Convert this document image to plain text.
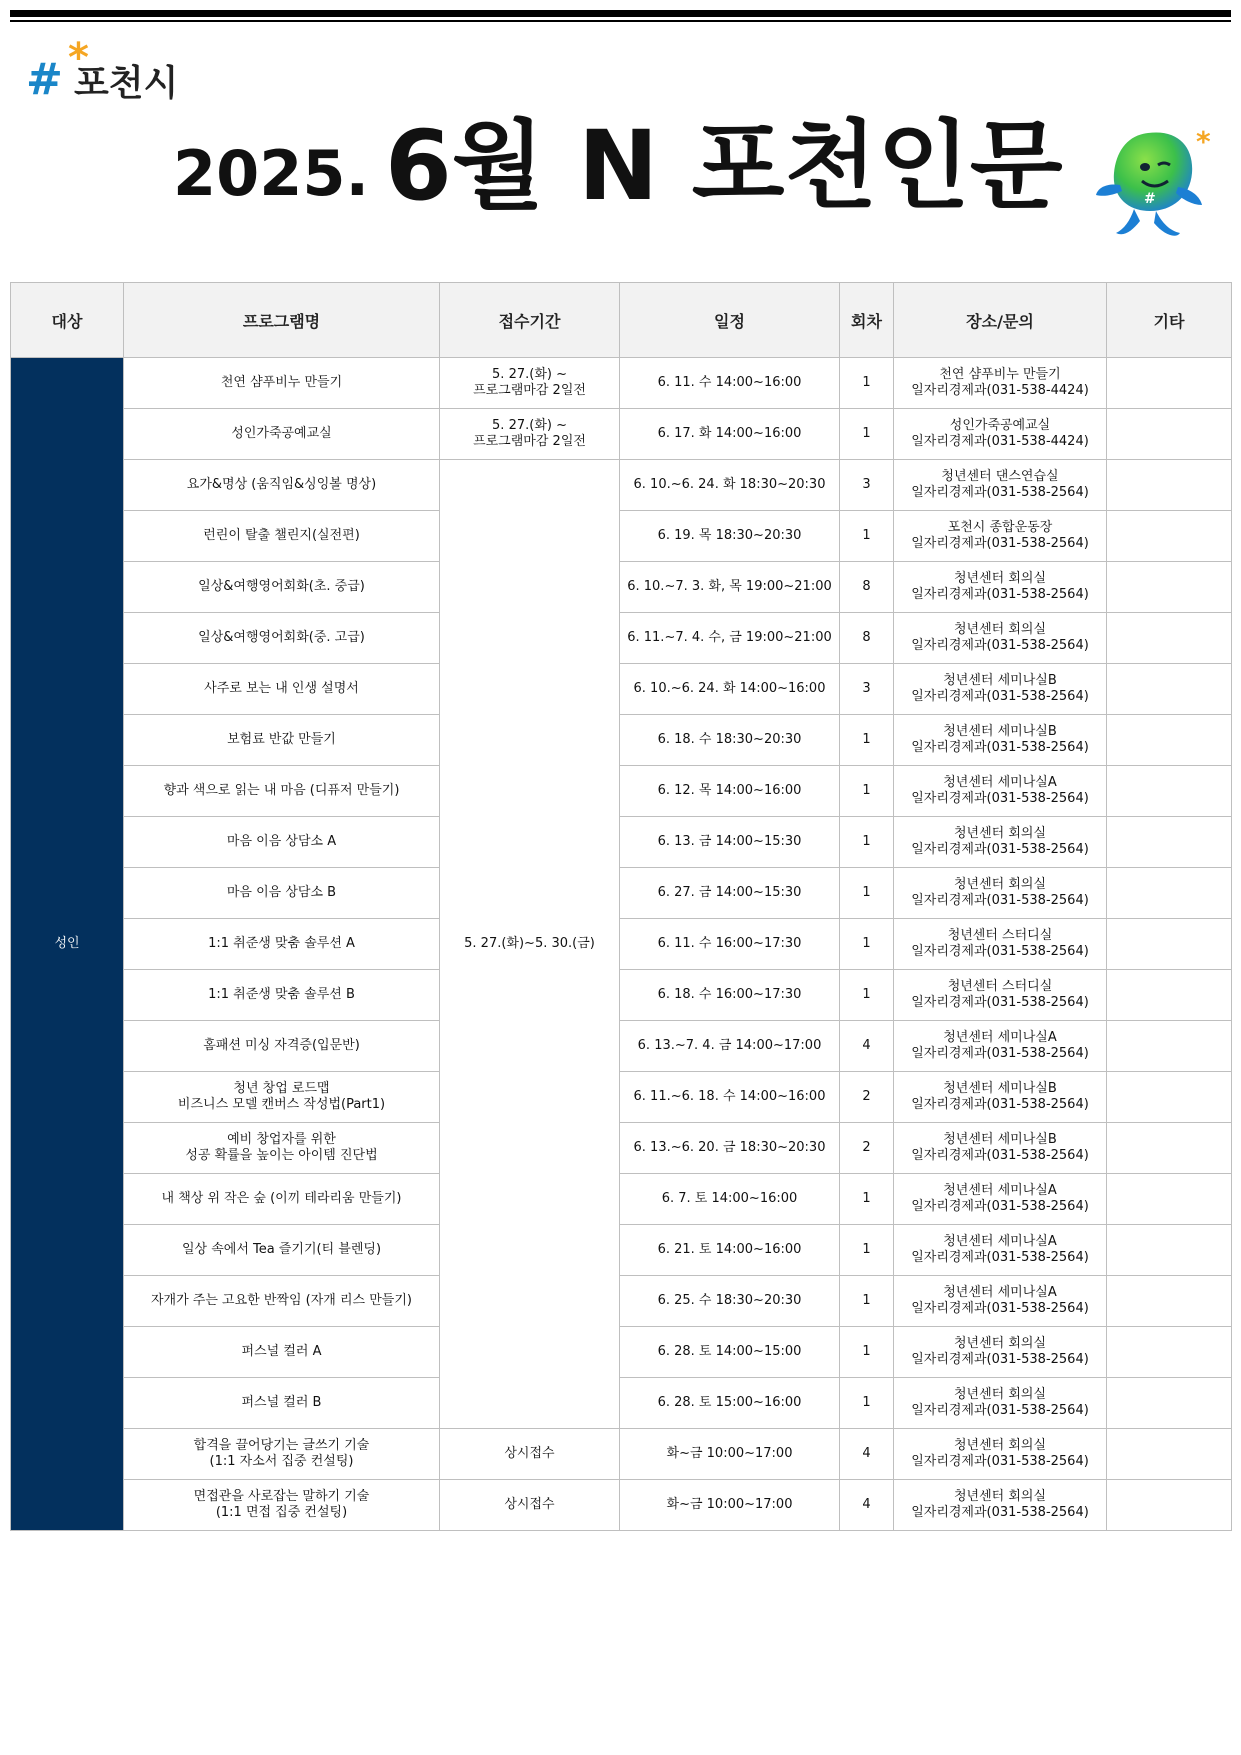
# *
포천시
2025. 6월 N 포천인문	#
*
대상	프로그램명	접수기간	일정	회차	장소/문의	기타
성인	천연 샴푸비누 만들기	5. 27.(화) ~
프로그램마감 2일전	6. 11. 수 14:00~16:00	1	천연 샴푸비누 만들기
일자리경제과(031-538-4424)	

	성인가죽공예교실	5. 27.(화) ~
프로그램마감 2일전	6. 17. 화 14:00~16:00	1	성인가죽공예교실
일자리경제과(031-538-4424)	

	요가&명상 (움직임&싱잉볼 명상)	5. 27.(화)~5. 30.(금)	6. 10.~6. 24. 화 18:30~20:30	3	청년센터 댄스연습실
일자리경제과(031-538-2564)	

	런린이 탈출 챌린지(실전편)		6. 19. 목 18:30~20:30	1	포천시 종합운동장
일자리경제과(031-538-2564)	

	일상&여행영어회화(초. 중급)		6. 10.~7. 3. 화, 목 19:00~21:00	8	청년센터 회의실
일자리경제과(031-538-2564)	

	일상&여행영어회화(중. 고급)		6. 11.~7. 4. 수, 금 19:00~21:00	8	청년센터 회의실
일자리경제과(031-538-2564)	

	사주로 보는 내 인생 설명서		6. 10.~6. 24. 화 14:00~16:00	3	청년센터 세미나실B
일자리경제과(031-538-2564)	

	보험료 반값 만들기		6. 18. 수 18:30~20:30	1	청년센터 세미나실B
일자리경제과(031-538-2564)	

	향과 색으로 읽는 내 마음 (디퓨저 만들기)		6. 12. 목 14:00~16:00	1	청년센터 세미나실A
일자리경제과(031-538-2564)	

	마음 이음 상담소 A		6. 13. 금 14:00~15:30	1	청년센터 회의실
일자리경제과(031-538-2564)	

	마음 이음 상담소 B		6. 27. 금 14:00~15:30	1	청년센터 회의실
일자리경제과(031-538-2564)	

	1:1 취준생 맞춤 솔루션 A		6. 11. 수 16:00~17:30	1	청년센터 스터디실
일자리경제과(031-538-2564)	

	1:1 취준생 맞춤 솔루션 B		6. 18. 수 16:00~17:30	1	청년센터 스터디실
일자리경제과(031-538-2564)	

	홈패션 미싱 자격증(입문반)		6. 13.~7. 4. 금 14:00~17:00	4	청년센터 세미나실A
일자리경제과(031-538-2564)	

	청년 창업 로드맵
비즈니스 모델 캔버스 작성법(Part1)		6. 11.~6. 18. 수 14:00~16:00	2	청년센터 세미나실B
일자리경제과(031-538-2564)	

	예비 창업자를 위한
성공 확률을 높이는 아이템 진단법		6. 13.~6. 20. 금 18:30~20:30	2	청년센터 세미나실B
일자리경제과(031-538-2564)	

	내 책상 위 작은 숲 (이끼 테라리움 만들기)		6. 7. 토 14:00~16:00	1	청년센터 세미나실A
일자리경제과(031-538-2564)	

	일상 속에서 Tea 즐기기(티 블렌딩)		6. 21. 토 14:00~16:00	1	청년센터 세미나실A
일자리경제과(031-538-2564)	

	자개가 주는 고요한 반짝임 (자개 리스 만들기)		6. 25. 수 18:30~20:30	1	청년센터 세미나실A
일자리경제과(031-538-2564)	

	퍼스널 컬러 A		6. 28. 토 14:00~15:00	1	청년센터 회의실
일자리경제과(031-538-2564)	

	퍼스널 컬러 B		6. 28. 토 15:00~16:00	1	청년센터 회의실
일자리경제과(031-538-2564)	

	합격을 끌어당기는 글쓰기 기술
(1:1 자소서 집중 컨설팅)	상시접수	화~금 10:00~17:00	4	청년센터 회의실
일자리경제과(031-538-2564)	

	면접관을 사로잡는 말하기 기술
(1:1 면접 집중 컨설팅)	상시접수	화~금 10:00~17:00	4	청년센터 회의실
일자리경제과(031-538-2564)	
